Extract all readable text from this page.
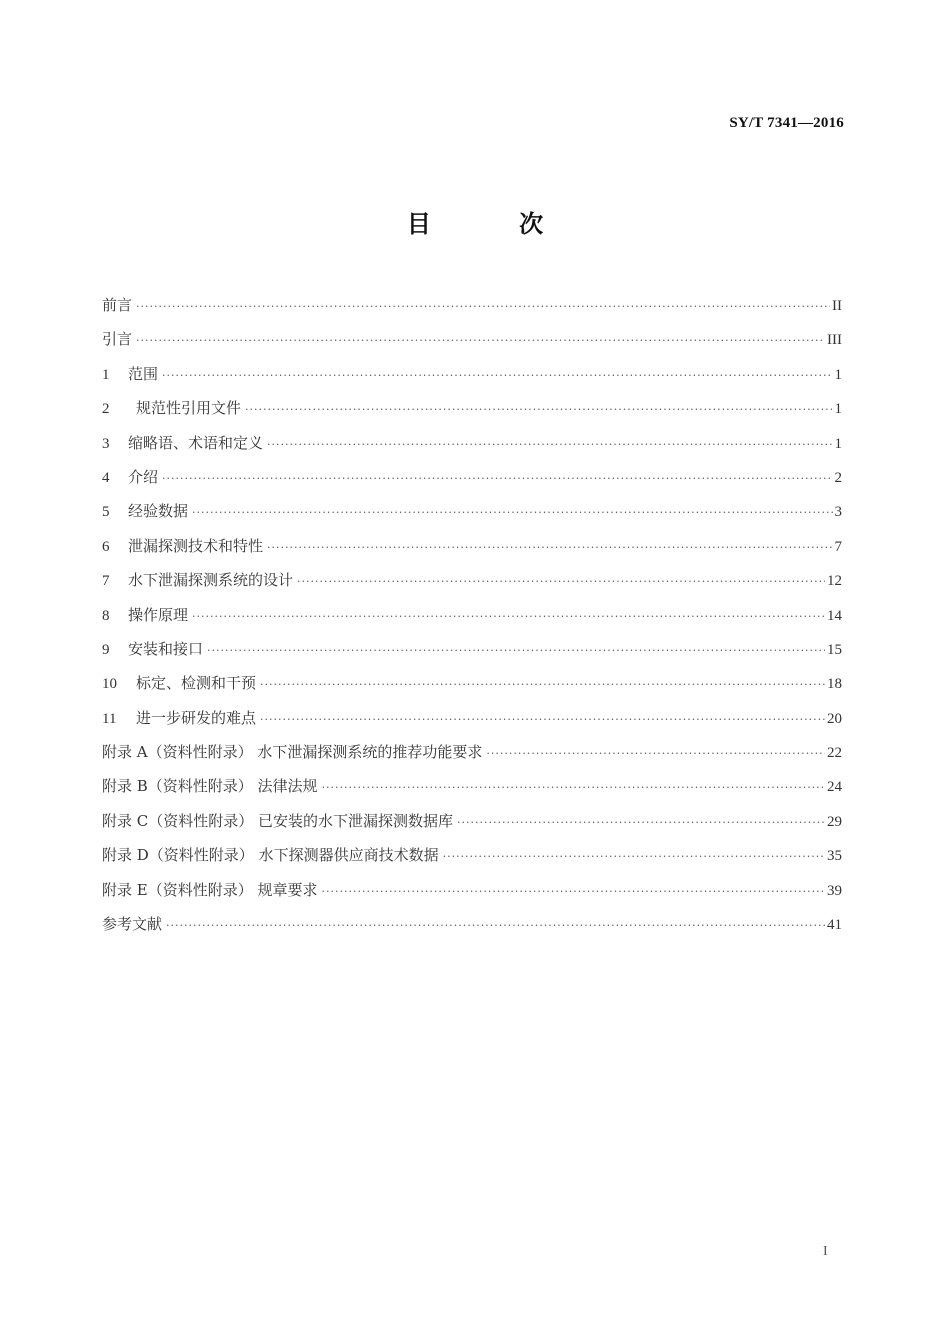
SY/T 7341—2016
目 次
前言 ·····	II
引言 ·····	III
1	范围 ·····	1
2	规范性引用文件 ·····	1
3	缩略语、术语和定义 ·····	1
4	介绍 ·····	2
5	经验数据 ·····	3
6	泄漏探测技术和特性 ·····	7
7	水下泄漏探测系统的设计 ·····	12
8	操作原理 ·····	14
9	安装和接口 ·····	15
10	标定、检测和干预 ·····	18
11	进一步研发的难点 ·····	20
附录 A（资料性附录） 水下泄漏探测系统的推荐功能要求 ·····	22
附录 B（资料性附录） 法律法规 ·····	24
附录 C（资料性附录） 已安装的水下泄漏探测数据库 ·····	29
附录 D（资料性附录） 水下探测器供应商技术数据 ·····	35
附录 E（资料性附录） 规章要求 ·····	39
参考文献 ·····	41
I
